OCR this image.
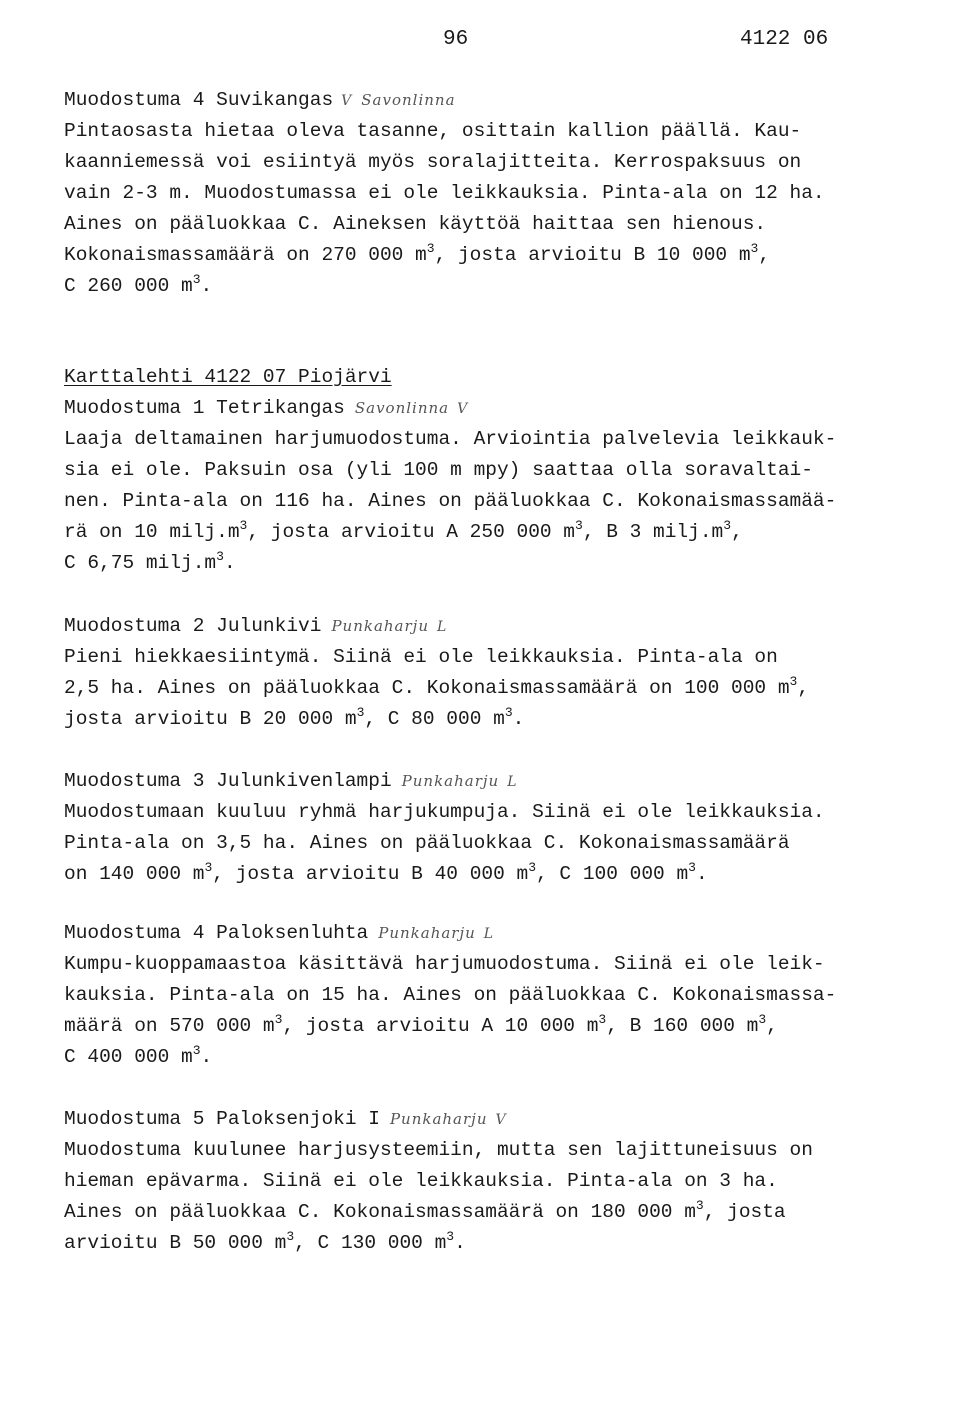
96	4122 06
Muodostuma 4 Suvikangas V Savonlinna
Pintaosasta hietaa oleva tasanne, osittain kallion päällä. Kau-
kaanniemessä voi esiintyä myös soralajitteita. Kerrospaksuus on
vain 2-3 m. Muodostumassa ei ole leikkauksia. Pinta-ala on 12 ha.
Aines on pääluokkaa C. Aineksen käyttöä haittaa sen hienous.
Kokonaismassamäärä on 270 000 $m^3$, josta arvioitu B 10 000 $m^3$,
C 260 000 $m^3$.
Karttalehti 4122 07 Piojärvi
Muodostuma 1 Tetrikangas Savonlinna V
Laaja deltamainen harjumuodostuma. Arviointia palvelevia leikkauk-
sia ei ole. Paksuin osa (yli 100 m mpy) saattaa olla soravaltai-
nen. Pinta-ala on 116 ha. Aines on pääluokkaa C. Kokonaismassamää-
rä on 10 $milj.m^3$, josta arvioitu A 250 000 $m^3$, B 3 $milj.m^3$,
C 6,75 $milj.m^3$.
Muodostuma 2 Julunkivi Punkaharju L
Pieni hiekkaesiintymä. Siinä ei ole leikkauksia. Pinta-ala on
2,5 ha. Aines on pääluokkaa C. Kokonaismassamäärä on 100 000 $m^3$,
josta arvioitu B 20 000 $m^3$, C 80 000 $m^3$.
Muodostuma 3 Julunkivenlampi Punkaharju L
Muodostumaan kuuluu ryhmä harjukumpuja. Siinä ei ole leikkauksia.
Pinta-ala on 3,5 ha. Aines on pääluokkaa C. Kokonaismassamäärä
on 140 000 $m^3$, josta arvioitu B 40 000 $m^3$, C 100 000 $m^3$.
Muodostuma 4 Paloksenluhta Punkaharju L
Kumpu-kuoppamaastoa käsittävä harjumuodostuma. Siinä ei ole leik-
kauksia. Pinta-ala on 15 ha. Aines on pääluokkaa C. Kokonaismassa-
määrä on 570 000 $m^3$, josta arvioitu A 10 000 $m^3$, B 160 000 $m^3$,
C 400 000 $m^3$.
Muodostuma 5 Paloksenjoki I Punkaharju V
Muodostuma kuulunee harjusysteemiin, mutta sen lajittuneisuus on
hieman epävarma. Siinä ei ole leikkauksia. Pinta-ala on 3 ha.
Aines on pääluokkaa C. Kokonaismassamäärä on 180 000 $m^3$, josta
arvioitu B 50 000 $m^3$, C 130 000 $m^3$.
